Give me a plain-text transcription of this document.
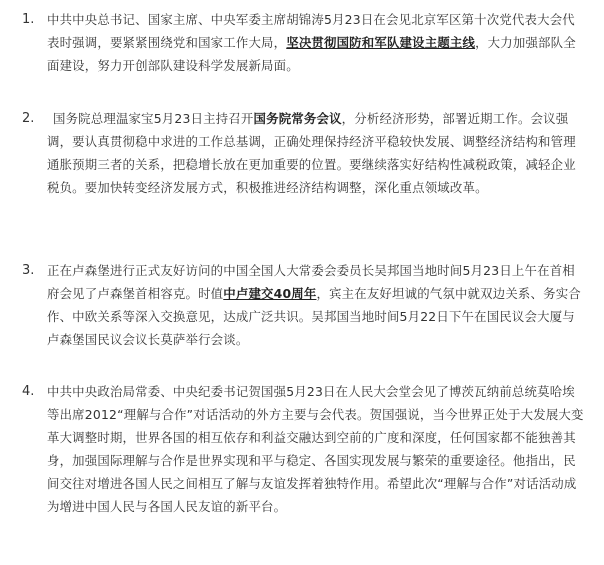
1. 中共中央总书记、国家主席、中央军委主席胡锦涛5月23日在会见北京军区第十次党代表大会代表时强调，要紧紧围绕党和国家工作大局，坚决贯彻国防和军队建设主题主线，大力加强部队全面建设，努力开创部队建设科学发展新局面。

2.	国务院总理温家宝5月23日主持召开国务院常务会议，分析经济形势，部署近期工作。会议强调，要认真贯彻稳中求进的工作总基调，正确处理保持经济平稳较快发展、调整经济结构和管理通胀预期三者的关系，把稳增长放在更加重要的位置。要继续落实好结构性减税政策，减轻企业税负。要加快转变经济发展方式，积极推进经济结构调整，深化重点领域改革。

3. 正在卢森堡进行正式友好访问的中国全国人大常委会委员长吴邦国当地时间5月23日上午在首相府会见了卢森堡首相容克。时值中卢建交40周年，宾主在友好坦诚的气氛中就双边关系、务实合作、中欧关系等深入交换意见，达成广泛共识。吴邦国当地时间5月22日下午在国民议会大厦与卢森堡国民议会议长莫萨举行会谈。

4. 中共中央政治局常委、中央纪委书记贺国强5月23日在人民大会堂会见了博茨瓦纳前总统莫哈埃等出席2012“理解与合作”对话活动的外方主要与会代表。贺国强说，当今世界正处于大发展大变革大调整时期，世界各国的相互依存和利益交融达到空前的广度和深度，任何国家都不能独善其身，加强国际理解与合作是世界实现和平与稳定、各国实现发展与繁荣的重要途径。他指出，民间交往对增进各国人民之间相互了解与友谊发挥着独特作用。希望此次“理解与合作”对话活动成为增进中国人民与各国人民友谊的新平台。
